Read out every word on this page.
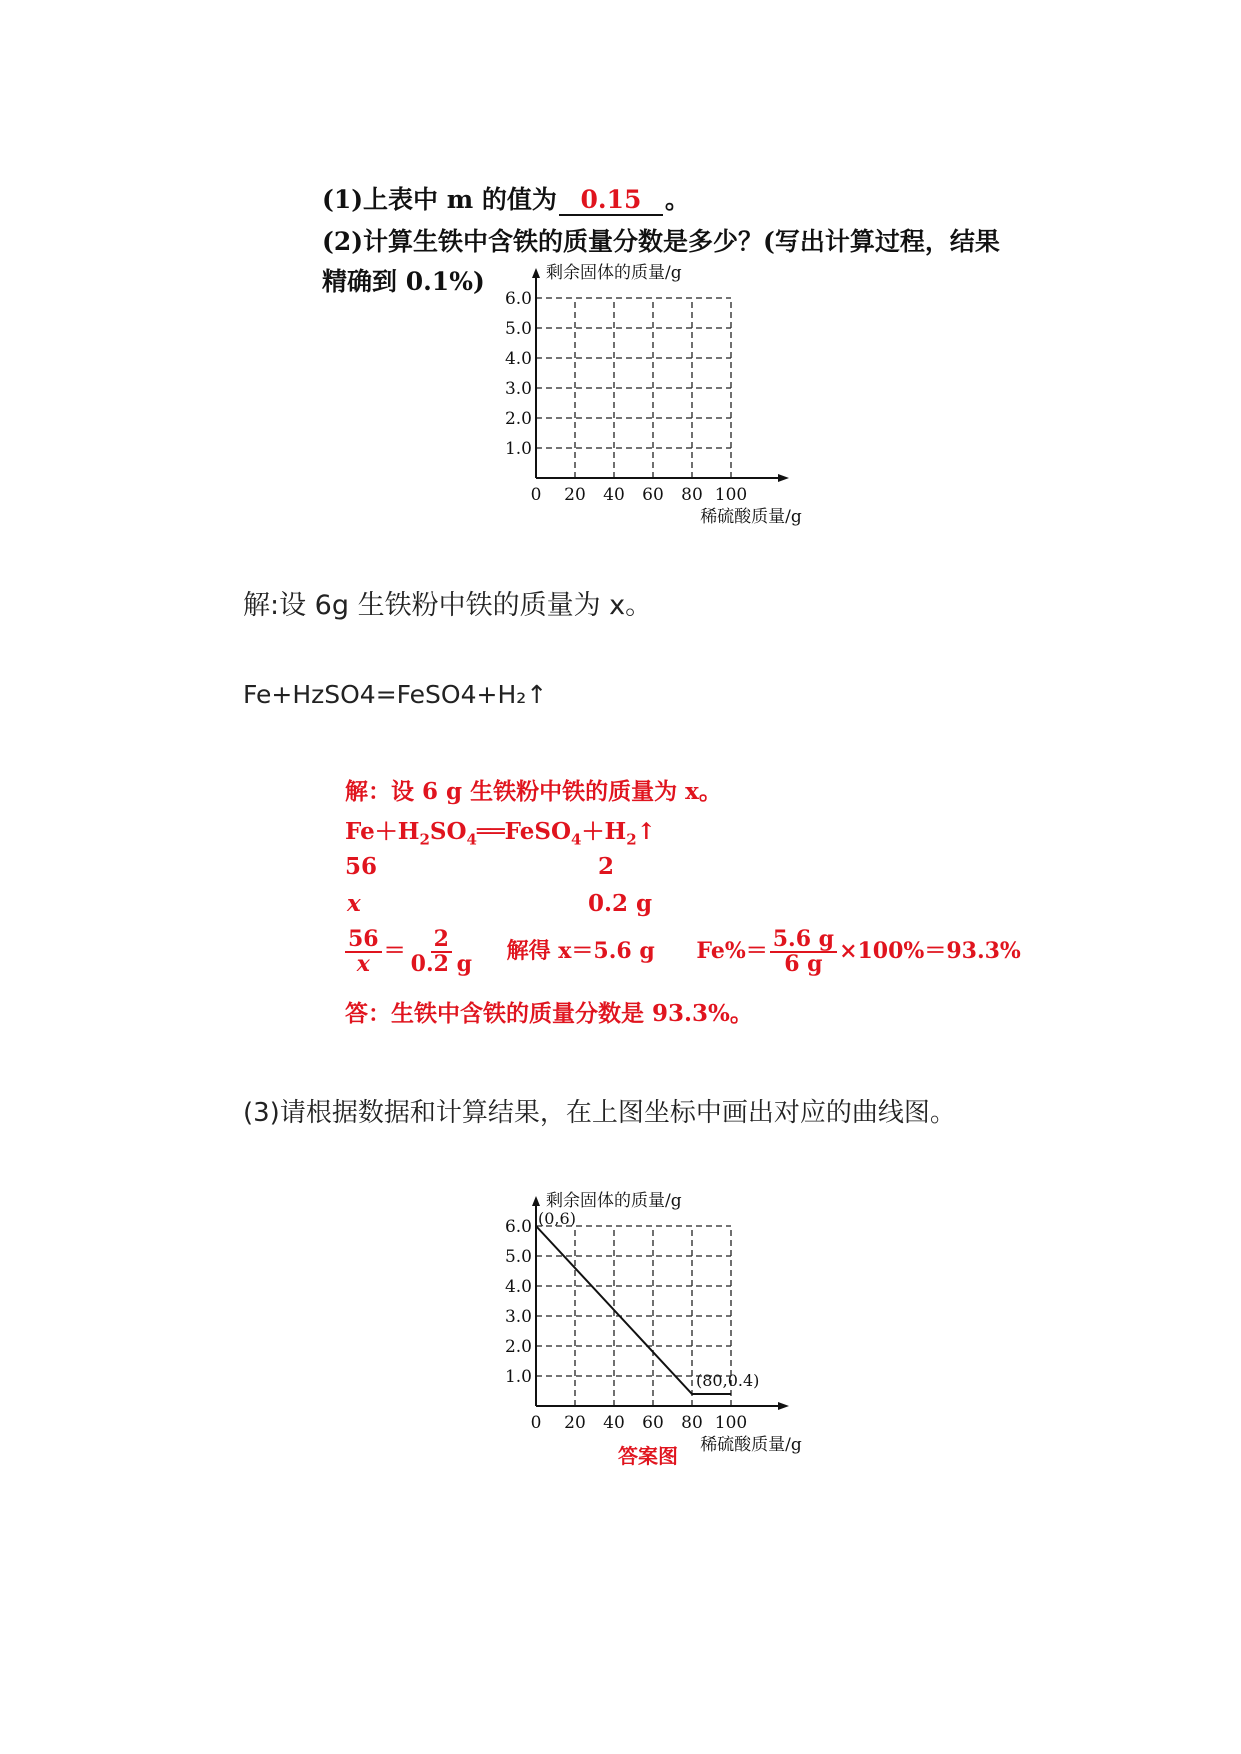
(1)上表中 m 的值为 0.15 。
(2)计算生铁中含铁的质量分数是多少？(写出计算过程，结果
精确到 0.1%)
0 20 40 60 80 100
1.0
2.0
3.0
4.0
5.0
6.0
剩余固体的质量/g
稀硫酸质量/g
解:设 6g 生铁粉中铁的质量为 x。
Fe+HzSO4=FeSO4+H₂↑
解：设 6 g 生铁粉中铁的质量为 x。
$Fe+H_2SO_4══FeSO_4+H_2↑$
56	2
x	0.2 g
$\frac{56}{x} = \frac{2}{0.2 g}$ 解得 x＝5.6 g $Fe\%= \frac{5.6 g}{6 g} \times 100\%=93.3\%$
答：生铁中含铁的质量分数是 93.3%。
(3)请根据数据和计算结果，在上图坐标中画出对应的曲线图。
0 20 40 60 80 100
1.0
2.0
3.0
4.0
5.0
6.0
剩余固体的质量/g
稀硫酸质量/g
(0,6)
(80,0.4)
答案图
